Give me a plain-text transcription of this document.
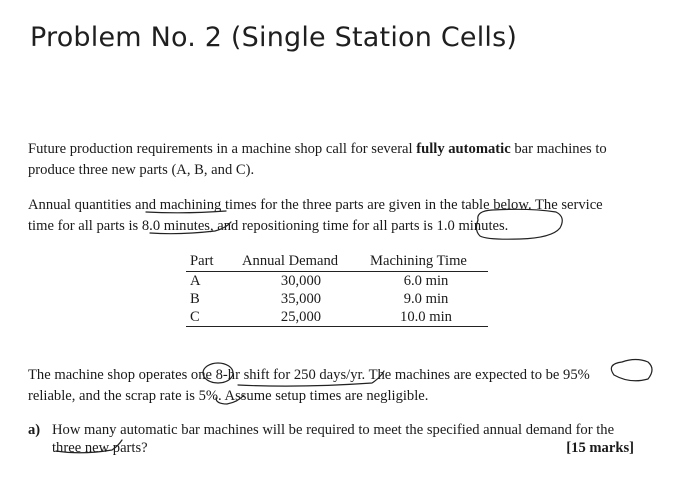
Problem No. 2 (Single Station Cells)
Future production requirements in a machine shop call for several fully automatic bar machines to
produce three new parts (A, B, and C).
Annual quantities and machining times for the three parts are given in the table below. The service
time for all parts is 8.0 minutes, and repositioning time for all parts is 1.0 minutes.
Part	Annual Demand	Machining Time
A	30,000	6.0 min
B	35,000	9.0 min
C	25,000	10.0 min
The machine shop operates one 8-hr shift for 250 days/yr. The machines are expected to be 95%
reliable, and the scrap rate is 5%. Assume setup times are negligible.
a) How many automatic bar machines will be required to meet the specified annual demand for the
three new parts?	[15 marks]
